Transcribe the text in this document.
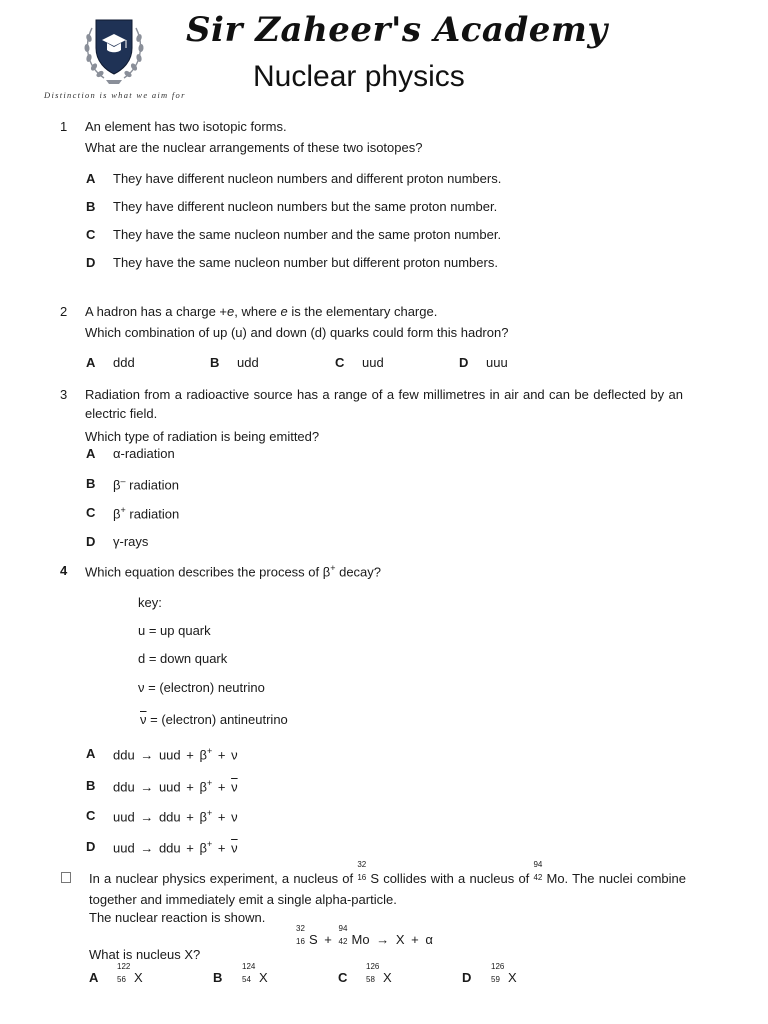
Distinction is what we aim for
Sir Zaheer's Academy
Nuclear physics
1 An element has two isotopic forms.
What are the nuclear arrangements of these two isotopes?
A They have different nucleon numbers and different proton numbers.
B They have different nucleon numbers but the same proton number.
C They have the same nucleon number and the same proton number.
D They have the same nucleon number but different proton numbers.
2 A hadron has a charge +e, where e is the elementary charge.
Which combination of up (u) and down (d) quarks could form this hadron?
A ddd	B udd	C uud	D uuu
3 Radiation from a radioactive source has a range of a few millimetres in air and can be deflected by an electric field.
Which type of radiation is being emitted?
A α-radiation
B β– radiation
C β+ radiation
D γ-rays
4 Which equation describes the process of β+ decay?
key:
u = up quark
d = down quark
ν = (electron) neutrino
$\overline{\nu}$ = (electron) antineutrino
A ddu → uud + β+ + ν
B ddu → uud + $\beta^+ + \overline{\nu}$
C uud → ddu + β+ + ν
D uud → ddu + $\beta^+ + \overline{\nu}$
In a nuclear physics experiment, a nucleus of
32
16 S collides with a nucleus of
94
42 Mo. The nuclei combine together and immediately emit a single alpha-particle.
The nuclear reaction is shown.
32
16 S +
94
42 Mo → X + α
What is nucleus X?
A
122
56 X	B
124
54 X	C
126
58 X	D
126
59 X
